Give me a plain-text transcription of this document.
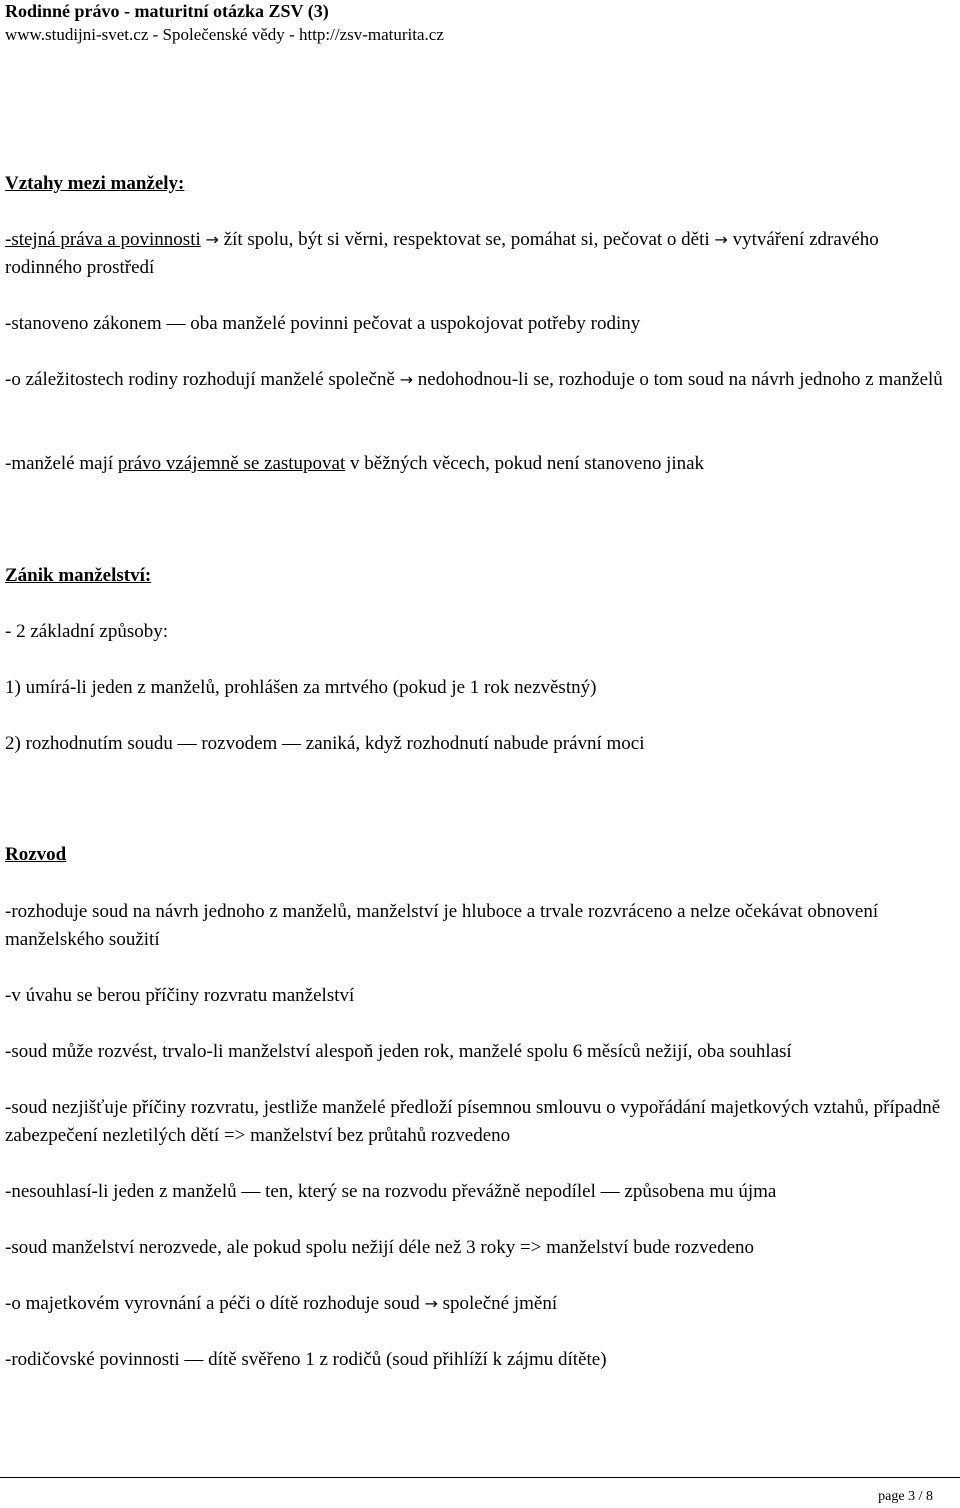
Rodinné právo - maturitní otázka ZSV (3)
www.studijni-svet.cz - Společenské vědy - http://zsv-maturita.cz
Vztahy mezi manžely:
-stejná práva a povinnosti → žít spolu, být si věrni, respektovat se, pomáhat si, pečovat o děti → vytváření zdravého rodinného prostředí
-stanoveno zákonem — oba manželé povinni pečovat a uspokojovat potřeby rodiny
-o záležitostech rodiny rozhodují manželé společně → nedohodnou-li se, rozhoduje o tom soud na návrh jednoho z manželů
-manželé mají právo vzájemně se zastupovat v běžných věcech, pokud není stanoveno jinak
Zánik manželství:
- 2 základní způsoby:
1) umírá-li jeden z manželů, prohlášen za mrtvého (pokud je 1 rok nezvěstný)
2) rozhodnutím soudu — rozvodem — zaniká, když rozhodnutí nabude právní moci
Rozvod
-rozhoduje soud na návrh jednoho z manželů, manželství je hluboce a trvale rozvráceno a nelze očekávat obnovení manželského soužití
-v úvahu se berou příčiny rozvratu manželství
-soud může rozvést, trvalo-li manželství alespoň jeden rok, manželé spolu 6 měsíců nežijí, oba souhlasí
-soud nezjišťuje příčiny rozvratu, jestliže manželé předloží písemnou smlouvu o vypořádání majetkových vztahů, případně zabezpečení nezletilých dětí => manželství bez průtahů rozvedeno
-nesouhlasí-li jeden z manželů — ten, který se na rozvodu převážně nepodílel — způsobena mu újma
-soud manželství nerozvede, ale pokud spolu nežijí déle než 3 roky => manželství bude rozvedeno
-o majetkovém vyrovnání a péči o dítě rozhoduje soud → společné jmění
-rodičovské povinnosti — dítě svěřeno 1 z rodičů (soud přihlíží k zájmu dítěte)
page 3 / 8
